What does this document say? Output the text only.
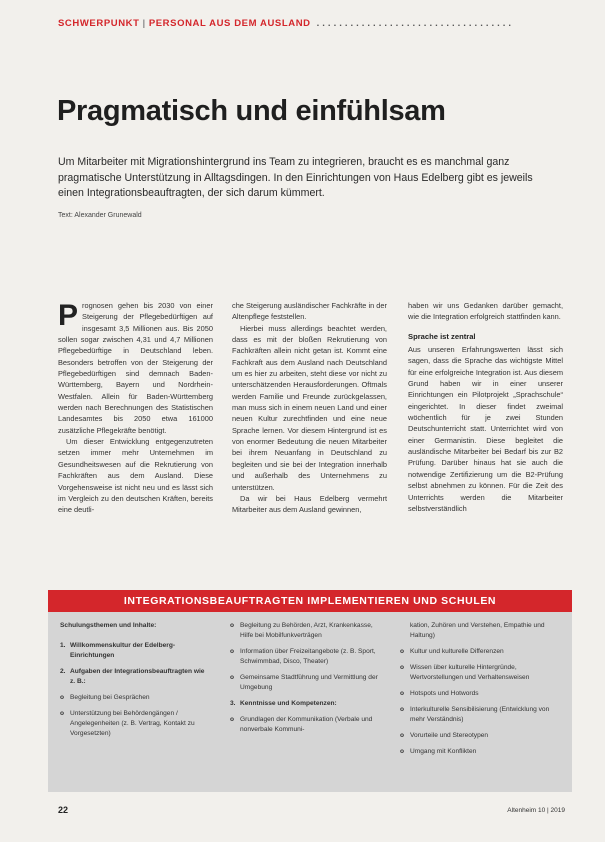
SCHWERPUNKT | PERSONAL AUS DEM AUSLAND ...................................
Pragmatisch und einfühlsam
Um Mitarbeiter mit Migrationshintergrund ins Team zu integrieren, braucht es es manchmal ganz pragmatische Unterstützung in Alltagsdingen. In den Einrichtungen von Haus Edelberg gibt es jeweils einen Integrationsbeauftragten, der sich darum kümmert.
Text: Alexander Grunewald

Prognosen gehen bis 2030 von einer Steigerung der Pflegebedürftigen auf insgesamt 3,5 Millionen aus. Bis 2050 sollen sogar zwischen 4,31 und 4,7 Millionen Pflegebedürftige in Deutschland leben. Besonders betroffen von der Steigerung der Pflegebedürftigen sind demnach Baden-Württemberg, Bayern und Nordrhein-Westfalen. Allein für Baden-Württemberg werden nach Berechnungen des Statistischen Landesamtes bis 2050 etwa 161000 zusätzliche Pflegekräfte benötigt.

Um dieser Entwicklung entgegenzutreten setzen immer mehr Unternehmen im Gesundheitswesen auf die Rekrutierung von Fachkräften aus dem Ausland. Diese Vorgehensweise ist nicht neu und es lässt sich im Vergleich zu den deutschen Kräften, bereits eine deutli-

che Steigerung ausländischer Fachkräfte in der Altenpflege feststellen.

Hierbei muss allerdings beachtet werden, dass es mit der bloßen Rekrutierung von Fachkräften allein nicht getan ist. Kommt eine Fachkraft aus dem Ausland nach Deutschland um es hier zu arbeiten, steht diese vor nicht zu unterschätzenden Herausforderungen. Oftmals werden Familie und Freunde zurückgelassen, man muss sich in einem neuen Land und einer neuen Kultur zurechtfinden und eine neue Sprache lernen. Vor diesem Hintergrund ist es von enormer Bedeutung die neuen Mitarbeiter bei ihrem Neuanfang in Deutschland zu begleiten und sie bei der Integration innerhalb und außerhalb des Unternehmens zu unterstützen.

Da wir bei Haus Edelberg vermehrt Mitarbeiter aus dem Ausland gewinnen,

haben wir uns Gedanken darüber gemacht, wie die Integration erfolgreich stattfinden kann.

Sprache ist zentral

Aus unseren Erfahrungswerten lässt sich sagen, dass die Sprache das wichtigste Mittel für eine erfolgreiche Integration ist. Aus diesem Grund haben wir in einer unserer Einrichtungen ein Pilotprojekt „Sprachschule“ eingerichtet. In dieser findet zweimal wöchentlich für je zwei Stunden Deutschunterricht statt. Unterrichtet wird von einer Germanistin. Diese begleitet die ausländische Mitarbeiter bei Bedarf bis zur B2 Prüfung. Darüber hinaus hat sie auch die notwendige Zertifizierung um die B2-Prüfung selbst abnehmen zu können. Für die Zeit des Unterrichts werden die Mitarbeiter selbstverständlich

INTEGRATIONSBEAUFTRAGTEN IMPLEMENTIEREN UND SCHULEN
Schulungsthemen und Inhalte:
1. Willkommenskultur der Edelberg-Einrichtungen
2. Aufgaben der Integrationsbeauftragten wie z. B.:
o Begleitung bei Gesprächen
o Unterstützung bei Behördengängen / Angelegenheiten (z. B. Vertrag, Kontakt zu Vorgesetzten)
o Begleitung zu Behörden, Arzt, Krankenkasse, Hilfe bei Mobilfunkverträgen
o Information über Freizeitangebote (z. B. Sport, Schwimmbad, Disco, Theater)
o Gemeinsame Stadtführung und Vermittlung der Umgebung
3. Kenntnisse und Kompetenzen:
o Grundlagen der Kommunikation (Verbale und nonverbale Kommuni-
kation, Zuhören und Verstehen, Empathie und Haltung)
o Kultur und kulturelle Differenzen
o Wissen über kulturelle Hintergründe, Wertvorstellungen und Verhaltensweisen
o Hotspots und Hotwords
o Interkulturelle Sensibilisierung (Entwicklung von mehr Verständnis)
o Vorurteile und Stereotypen
o Umgang mit Konflikten
22	Altenheim 10 | 2019
